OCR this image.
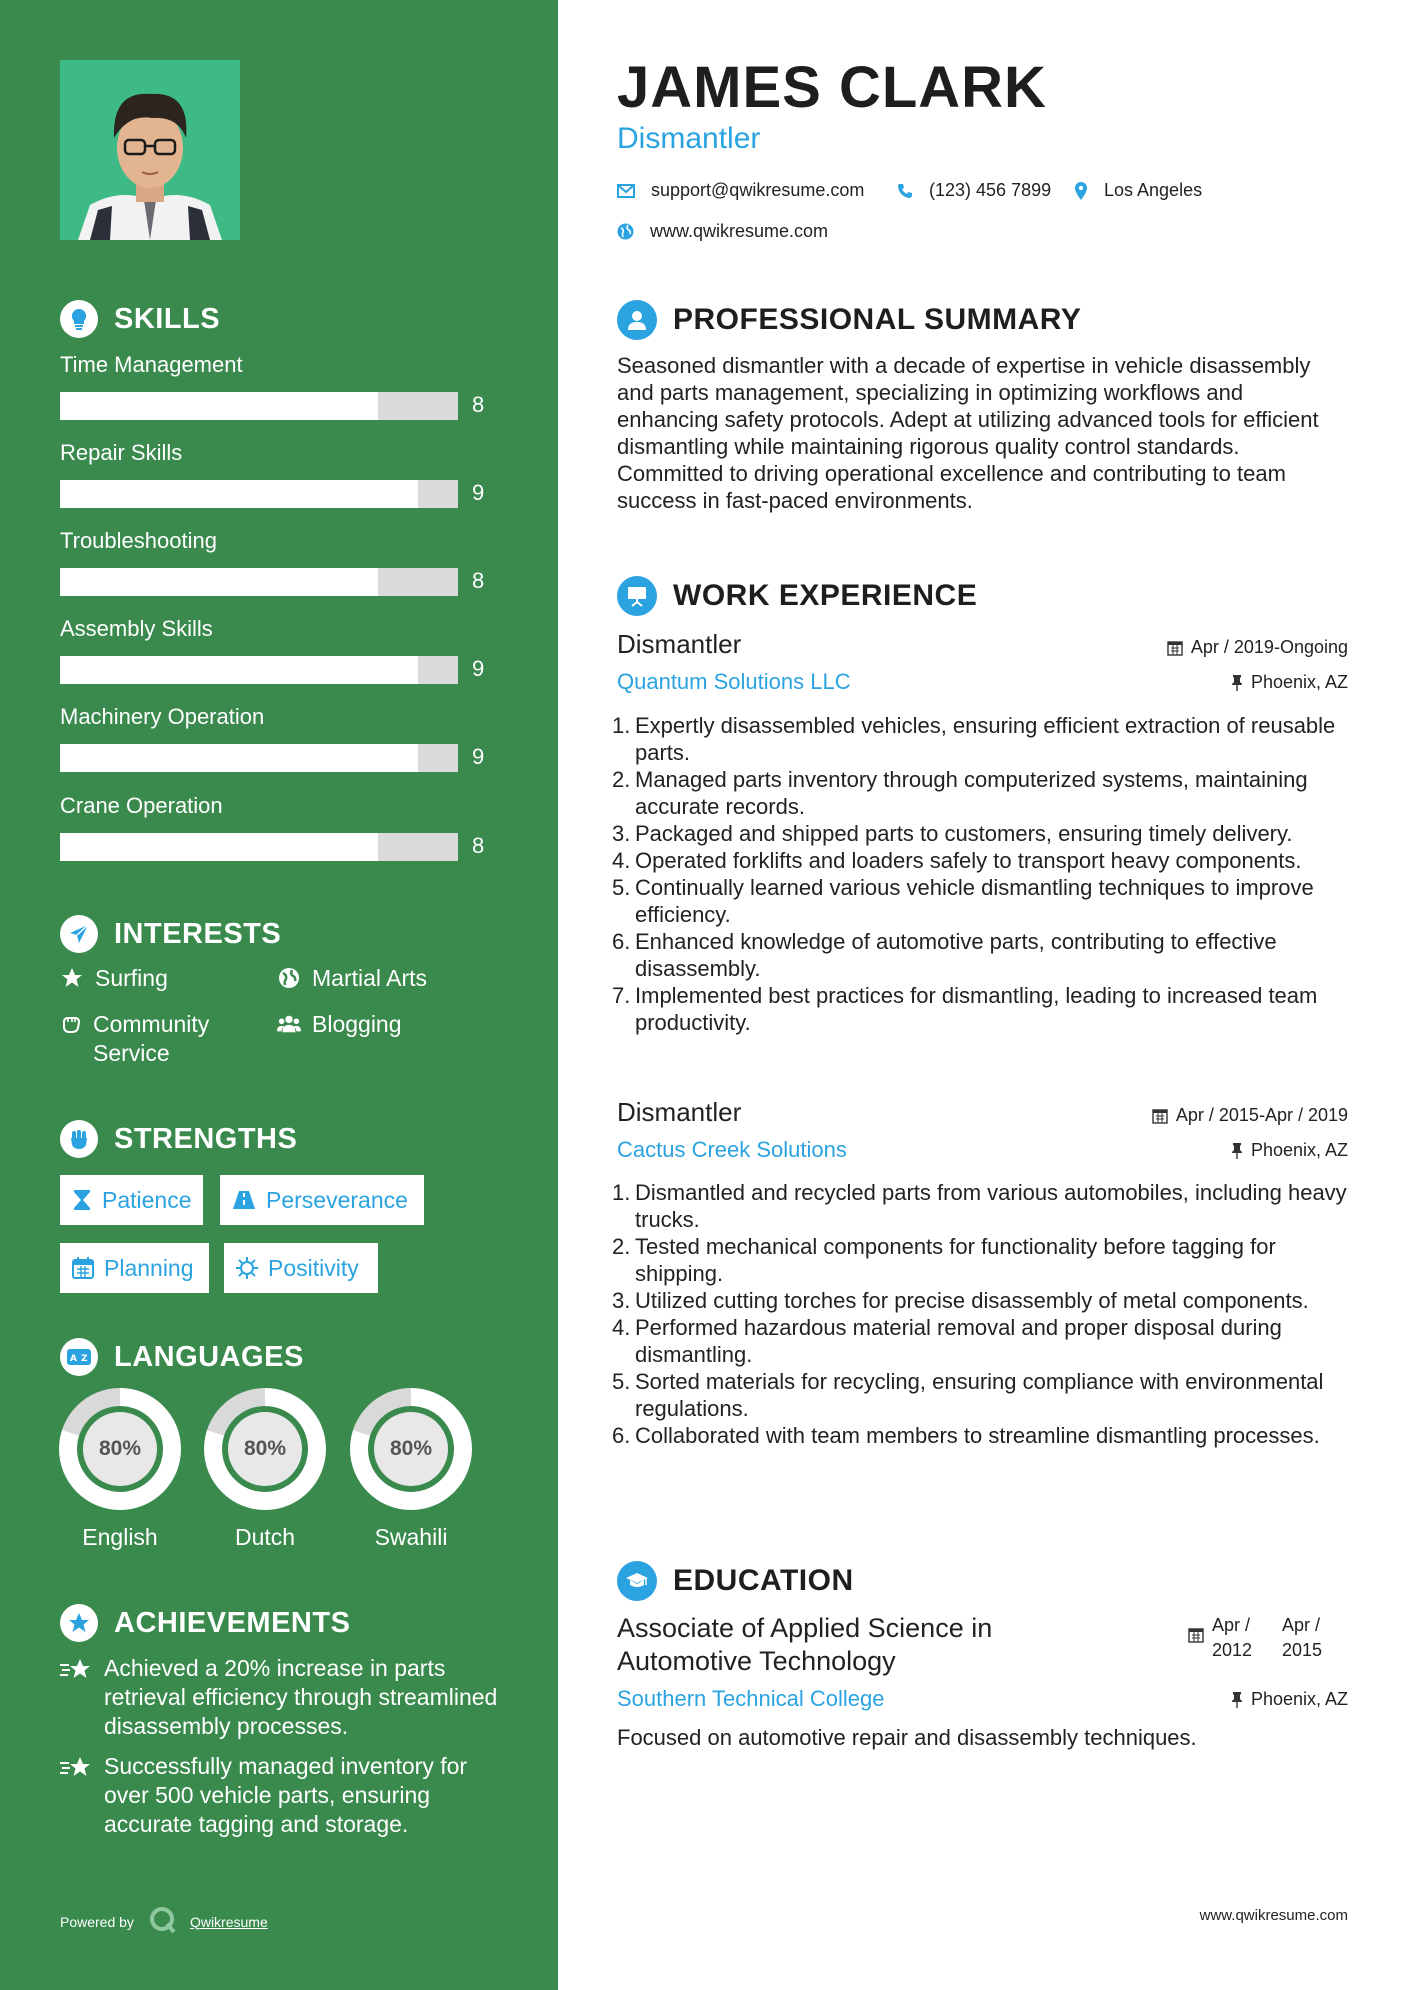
SKILLS
Time Management
8
Repair Skills
9
Troubleshooting
8
Assembly Skills
9
Machinery Operation
9
Crane Operation
8
INTERESTS
Surfing	Martial Arts
Community Service
Blogging
STRENGTHS
Patience	Perseverance
Planning	Positivity
A Z LANGUAGES
80%
English
80%
Dutch
80%
Swahili
ACHIEVEMENTS
Achieved a 20% increase in parts retrieval efficiency through streamlined disassembly processes.
Successfully managed inventory for over 500 vehicle parts, ensuring accurate tagging and storage.
Powered by	Qwikresume
JAMES CLARK
Dismantler
support@qwikresume.com	(123) 456 7899	Los Angeles
www.qwikresume.com
PROFESSIONAL SUMMARY
Seasoned dismantler with a decade of expertise in vehicle disassembly and parts management, specializing in optimizing workflows and enhancing safety protocols. Adept at utilizing advanced tools for efficient dismantling while maintaining rigorous quality control standards. Committed to driving operational excellence and contributing to team success in fast-paced environments.
WORK EXPERIENCE
Dismantler	Apr / 2019-Ongoing
Quantum Solutions LLC	Phoenix, AZ
1. Expertly disassembled vehicles, ensuring efficient extraction of reusable parts.
2. Managed parts inventory through computerized systems, maintaining accurate records.
3. Packaged and shipped parts to customers, ensuring timely delivery.
4. Operated forklifts and loaders safely to transport heavy components.
5. Continually learned various vehicle dismantling techniques to improve efficiency.
6. Enhanced knowledge of automotive parts, contributing to effective disassembly.
7. Implemented best practices for dismantling, leading to increased team productivity.
Dismantler	Apr / 2015-Apr / 2019
Cactus Creek Solutions	Phoenix, AZ
1. Dismantled and recycled parts from various automobiles, including heavy trucks.
2. Tested mechanical components for functionality before tagging for shipping.
3. Utilized cutting torches for precise disassembly of metal components.
4. Performed hazardous material removal and proper disposal during dismantling.
5. Sorted materials for recycling, ensuring compliance with environmental regulations.
6. Collaborated with team members to streamline dismantling processes.
EDUCATION
Associate of Applied Science in Automotive Technology
Apr /
2012
Apr /
2015
Southern Technical College	Phoenix, AZ
Focused on automotive repair and disassembly techniques.
www.qwikresume.com
